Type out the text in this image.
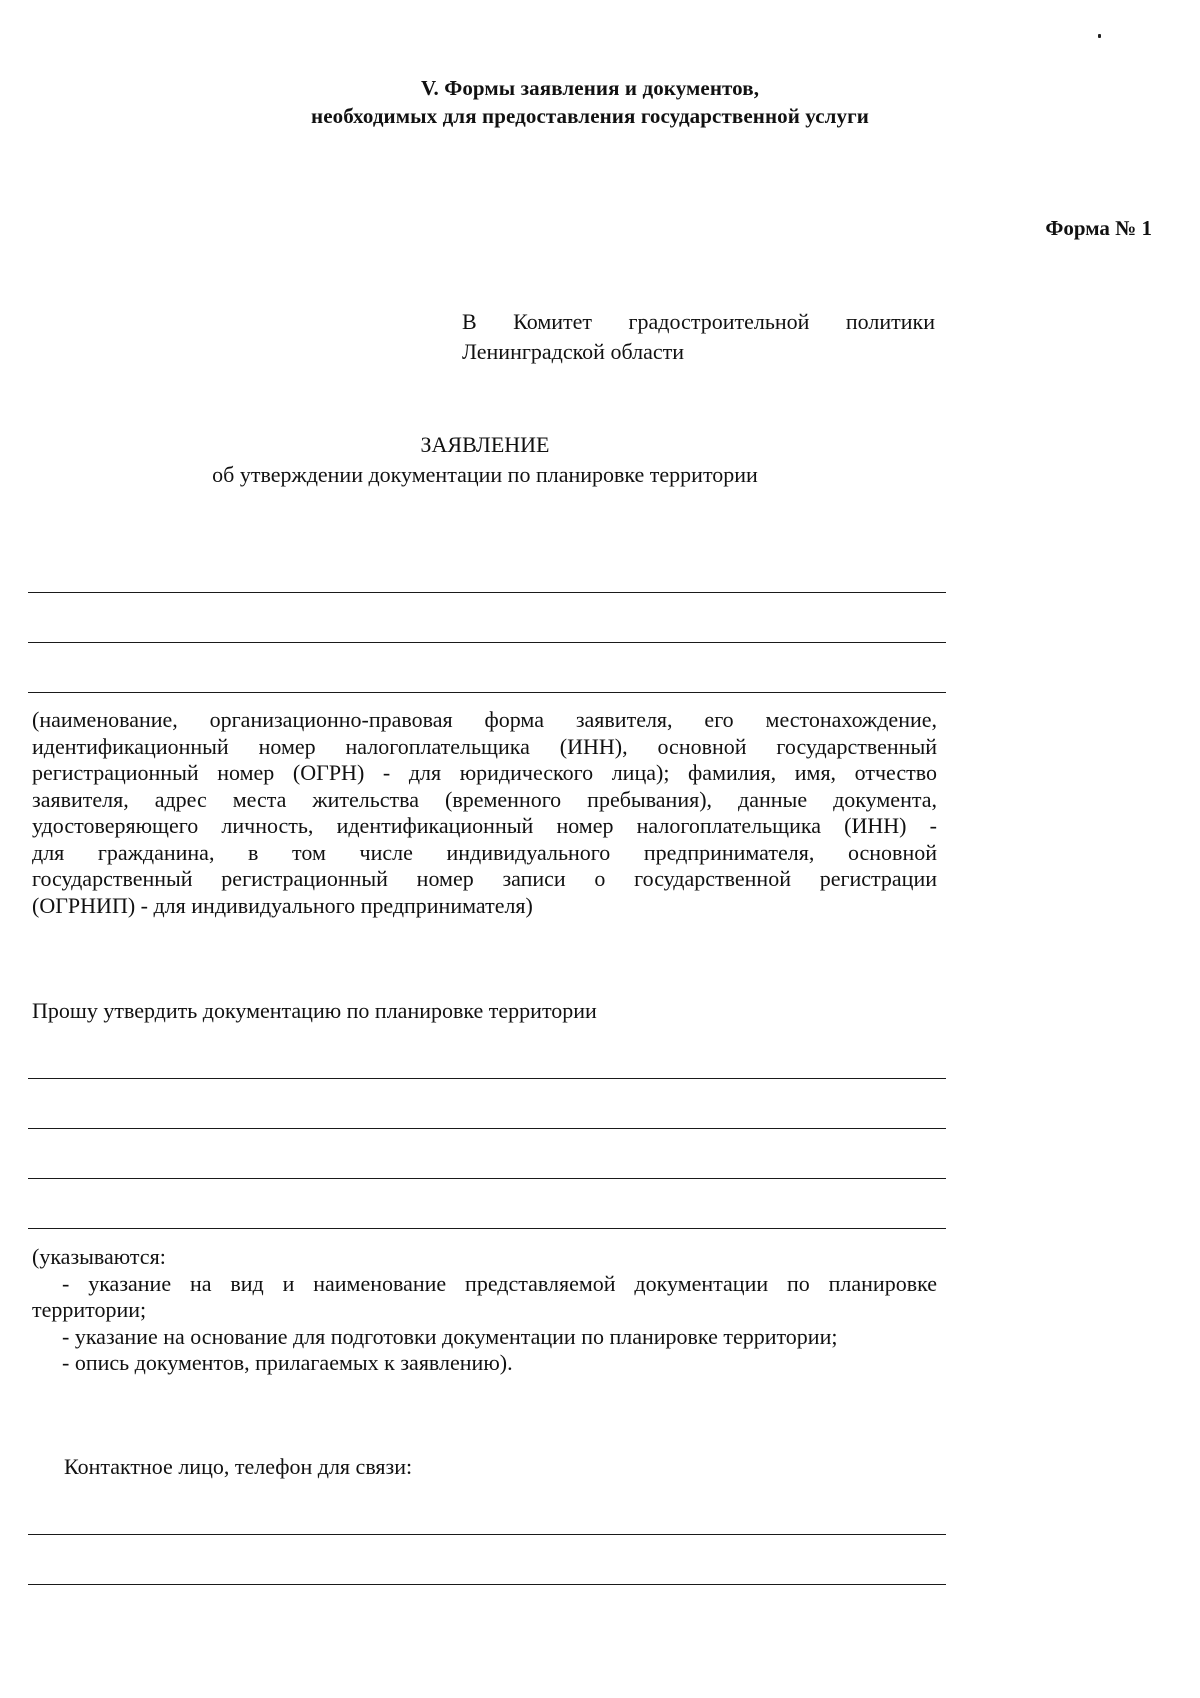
V. Формы заявления и документов,
необходимых для предоставления государственной услуги
Форма № 1
В Комитет градостроительной политики
Ленинградской области
ЗАЯВЛЕНИЕ
об утверждении документации по планировке территории
(наименование, организационно-правовая форма заявителя, его местонахождение,
идентификационный номер налогоплательщика (ИНН), основной государственный
регистрационный номер (ОГРН) - для юридического лица); фамилия, имя, отчество
заявителя, адрес места жительства (временного пребывания), данные документа,
удостоверяющего личность, идентификационный номер налогоплательщика (ИНН) -
для гражданина, в том числе индивидуального предпринимателя, основной
государственный регистрационный номер записи о государственной регистрации
(ОГРНИП) - для индивидуального предпринимателя)
Прошу утвердить документацию по планировке территории
(указываются:
- указание на вид и наименование представляемой документации по планировке
территории;
- указание на основание для подготовки документации по планировке территории;
- опись документов, прилагаемых к заявлению).
Контактное лицо, телефон для связи:
